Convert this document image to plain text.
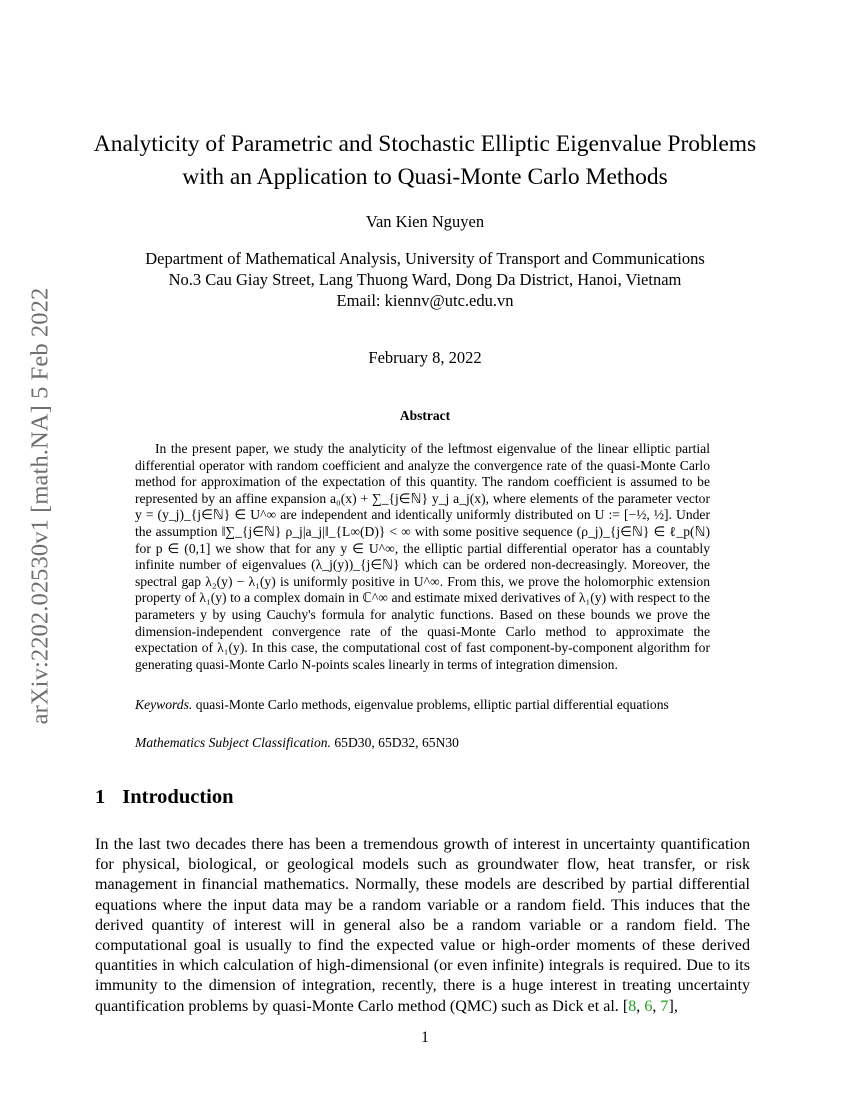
arXiv:2202.02530v1 [math.NA] 5 Feb 2022
Analyticity of Parametric and Stochastic Elliptic Eigenvalue Problems with an Application to Quasi-Monte Carlo Methods
Van Kien Nguyen
Department of Mathematical Analysis, University of Transport and Communications
No.3 Cau Giay Street, Lang Thuong Ward, Dong Da District, Hanoi, Vietnam
Email: kiennv@utc.edu.vn
February 8, 2022
Abstract

In the present paper, we study the analyticity of the leftmost eigenvalue of the linear elliptic partial differential operator with random coefficient and analyze the convergence rate of the quasi-Monte Carlo method for approximation of the expectation of this quantity. The random coefficient is assumed to be represented by an affine expansion a₀(x) + ∑_{j∈ℕ} y_j a_j(x), where elements of the parameter vector y = (y_j)_{j∈ℕ} ∈ U^∞ are independent and identically uniformly distributed on U := [−½, ½]. Under the assumption ‖∑_{j∈ℕ} ρ_j|a_j|‖_{L∞(D)} < ∞ with some positive sequence (ρ_j)_{j∈ℕ} ∈ ℓ_p(ℕ) for p ∈ (0,1] we show that for any y ∈ U^∞, the elliptic partial differential operator has a countably infinite number of eigenvalues (λ_j(y))_{j∈ℕ} which can be ordered non-decreasingly. Moreover, the spectral gap λ₂(y) − λ₁(y) is uniformly positive in U^∞. From this, we prove the holomorphic extension property of λ₁(y) to a complex domain in ℂ^∞ and estimate mixed derivatives of λ₁(y) with respect to the parameters y by using Cauchy's formula for analytic functions. Based on these bounds we prove the dimension-independent convergence rate of the quasi-Monte Carlo method to approximate the expectation of λ₁(y). In this case, the computational cost of fast component-by-component algorithm for generating quasi-Monte Carlo N-points scales linearly in terms of integration dimension.

Keywords. quasi-Monte Carlo methods, eigenvalue problems, elliptic partial differential equations

Mathematics Subject Classification. 65D30, 65D32, 65N30

1 Introduction

In the last two decades there has been a tremendous growth of interest in uncertainty quantification for physical, biological, or geological models such as groundwater flow, heat transfer, or risk management in financial mathematics. Normally, these models are described by partial differential equations where the input data may be a random variable or a random field. This induces that the derived quantity of interest will in general also be a random variable or a random field. The computational goal is usually to find the expected value or high-order moments of these derived quantities in which calculation of high-dimensional (or even infinite) integrals is required. Due to its immunity to the dimension of integration, recently, there is a huge interest in treating uncertainty quantification problems by quasi-Monte Carlo method (QMC) such as Dick et al. [8, 6, 7],

1
